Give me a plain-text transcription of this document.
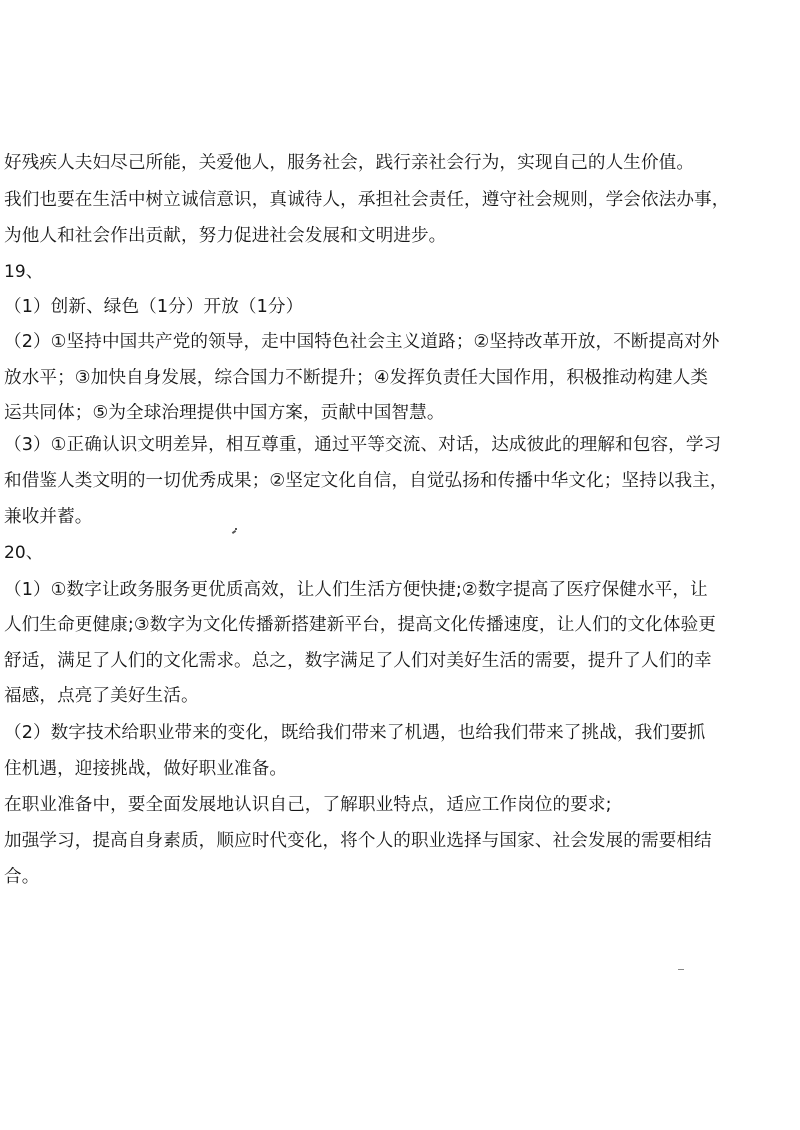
好残疾人夫妇尽己所能，关爱他人，服务社会，践行亲社会行为，实现自己的人生价值。
我们也要在生活中树立诚信意识，真诚待人，承担社会责任，遵守社会规则，学会依法办事，
为他人和社会作出贡献，努力促进社会发展和文明进步。
19、
（1）创新、绿色（1分）开放（1分）
（2）①坚持中国共产党的领导，走中国特色社会主义道路；②坚持改革开放，不断提高对外
放水平；③加快自身发展，综合国力不断提升；④发挥负责任大国作用，积极推动构建人类
运共同体；⑤为全球治理提供中国方案，贡献中国智慧。
（3）①正确认识文明差异，相互尊重，通过平等交流、对话，达成彼此的理解和包容，学习
和借鉴人类文明的一切优秀成果；②坚定文化自信，自觉弘扬和传播中华文化；坚持以我主，
兼收并蓄。
20、
（1）①数字让政务服务更优质高效，让人们生活方便快捷;②数字提高了医疗保健水平，让
人们生命更健康;③数字为文化传播新搭建新平台，提高文化传播速度，让人们的文化体验更
舒适，满足了人们的文化需求。总之，数字满足了人们对美好生活的需要，提升了人们的幸
福感，点亮了美好生活。
（2）数字技术给职业带来的变化，既给我们带来了机遇，也给我们带来了挑战，我们要抓
住机遇，迎接挑战，做好职业准备。
在职业准备中，要全面发展地认识自己，了解职业特点，适应工作岗位的要求;
加强学习，提高自身素质，顺应时代变化，将个人的职业选择与国家、社会发展的需要相结
合。
